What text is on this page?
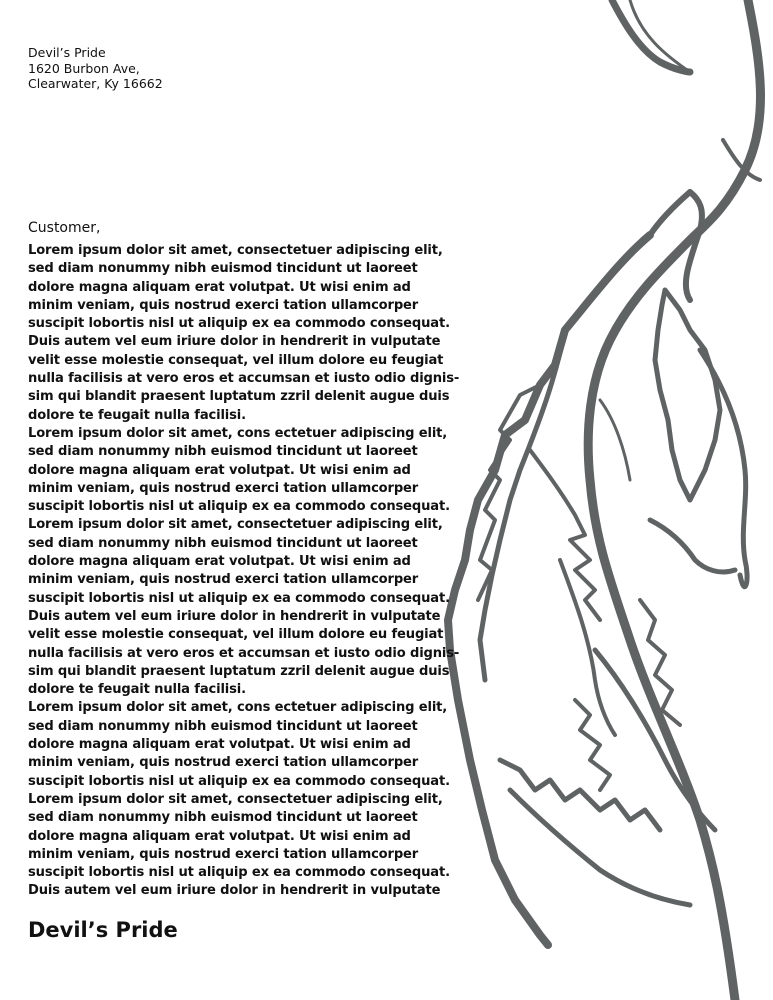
Devil’s Pride
1620 Burbon Ave,
Clearwater, Ky 16662
Customer,
Lorem ipsum dolor sit amet, consectetuer adipiscing elit,
sed diam nonummy nibh euismod tincidunt ut laoreet
dolore magna aliquam erat volutpat. Ut wisi enim ad
minim veniam, quis nostrud exerci tation ullamcorper
suscipit lobortis nisl ut aliquip ex ea commodo consequat.
Duis autem vel eum iriure dolor in hendrerit in vulputate
velit esse molestie consequat, vel illum dolore eu feugiat
nulla facilisis at vero eros et accumsan et iusto odio dignis-
sim qui blandit praesent luptatum zzril delenit augue duis
dolore te feugait nulla facilisi.
Lorem ipsum dolor sit amet, cons ectetuer adipiscing elit,
sed diam nonummy nibh euismod tincidunt ut laoreet
dolore magna aliquam erat volutpat. Ut wisi enim ad
minim veniam, quis nostrud exerci tation ullamcorper
suscipit lobortis nisl ut aliquip ex ea commodo consequat.
Lorem ipsum dolor sit amet, consectetuer adipiscing elit,
sed diam nonummy nibh euismod tincidunt ut laoreet
dolore magna aliquam erat volutpat. Ut wisi enim ad
minim veniam, quis nostrud exerci tation ullamcorper
suscipit lobortis nisl ut aliquip ex ea commodo consequat.
Duis autem vel eum iriure dolor in hendrerit in vulputate
velit esse molestie consequat, vel illum dolore eu feugiat
nulla facilisis at vero eros et accumsan et iusto odio dignis-
sim qui blandit praesent luptatum zzril delenit augue duis
dolore te feugait nulla facilisi.
Lorem ipsum dolor sit amet, cons ectetuer adipiscing elit,
sed diam nonummy nibh euismod tincidunt ut laoreet
dolore magna aliquam erat volutpat. Ut wisi enim ad
minim veniam, quis nostrud exerci tation ullamcorper
suscipit lobortis nisl ut aliquip ex ea commodo consequat.
Lorem ipsum dolor sit amet, consectetuer adipiscing elit,
sed diam nonummy nibh euismod tincidunt ut laoreet
dolore magna aliquam erat volutpat. Ut wisi enim ad
minim veniam, quis nostrud exerci tation ullamcorper
suscipit lobortis nisl ut aliquip ex ea commodo consequat.
Duis autem vel eum iriure dolor in hendrerit in vulputate
Devil’s Pride
